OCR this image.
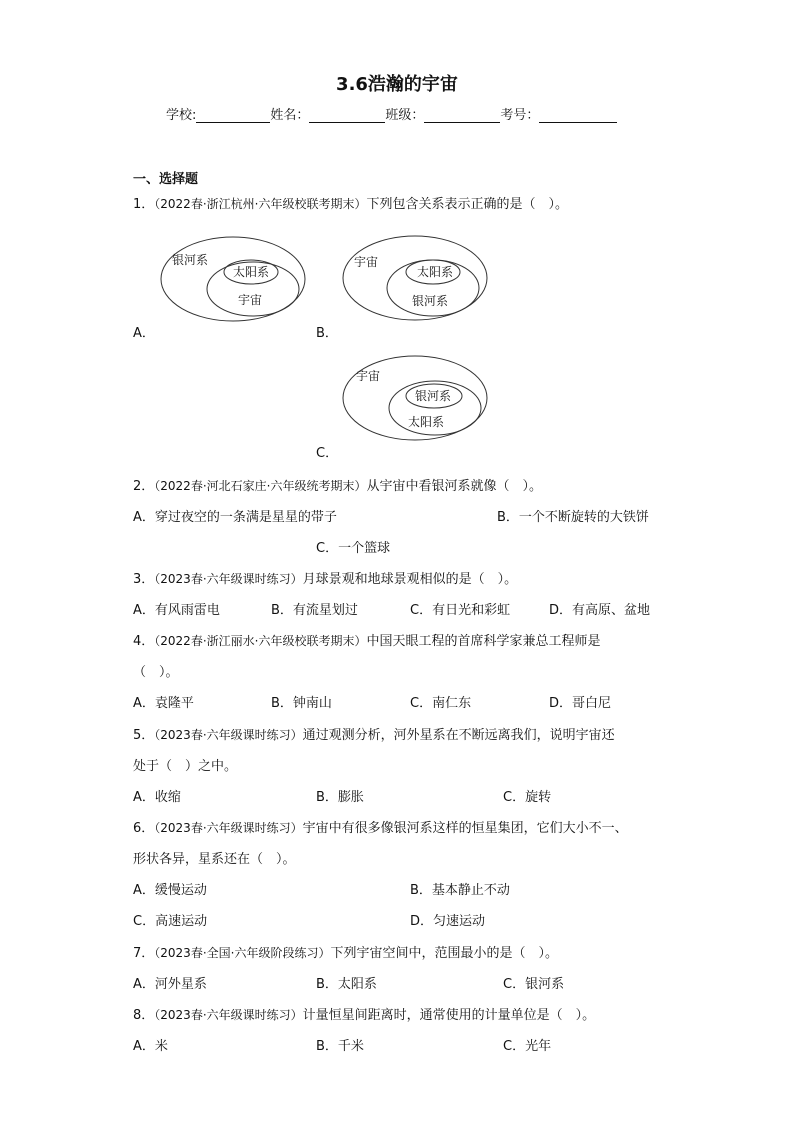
3.6浩瀚的宇宙
学校:	姓名：	班级：	考号：
一、选择题
1．（2022春·浙江杭州·六年级校联考期末）下列包含关系表示正确的是（　）。
银河系
太阳系
宇宙
A．
宇宙
太阳系
银河系
B．
宇宙
银河系
太阳系
C．
2．（2022春·河北石家庄·六年级统考期末）从宇宙中看银河系就像（　）。
A．穿过夜空的一条满是星星的带子	B．一个不断旋转的大铁饼
C．一个篮球
3．（2023春·六年级课时练习）月球景观和地球景观相似的是（　）。
A．有风雨雷电	B．有流星划过	C．有日光和彩虹	D．有高原、盆地
4．（2022春·浙江丽水·六年级校联考期末）中国天眼工程的首席科学家兼总工程师是
（　）。
A．袁隆平	B．钟南山	C．南仁东	D．哥白尼
5．（2023春·六年级课时练习）通过观测分析，河外星系在不断远离我们，说明宇宙还
处于（　）之中。
A．收缩	B．膨胀	C．旋转
6．（2023春·六年级课时练习）宇宙中有很多像银河系这样的恒星集团，它们大小不一、
形状各异，星系还在（　）。
A．缓慢运动	B．基本静止不动
C．高速运动	D．匀速运动
7．（2023春·全国·六年级阶段练习）下列宇宙空间中，范围最小的是（　）。
A．河外星系	B．太阳系	C．银河系
8．（2023春·六年级课时练习）计量恒星间距离时，通常使用的计量单位是（　）。
A．米	B．千米	C．光年
